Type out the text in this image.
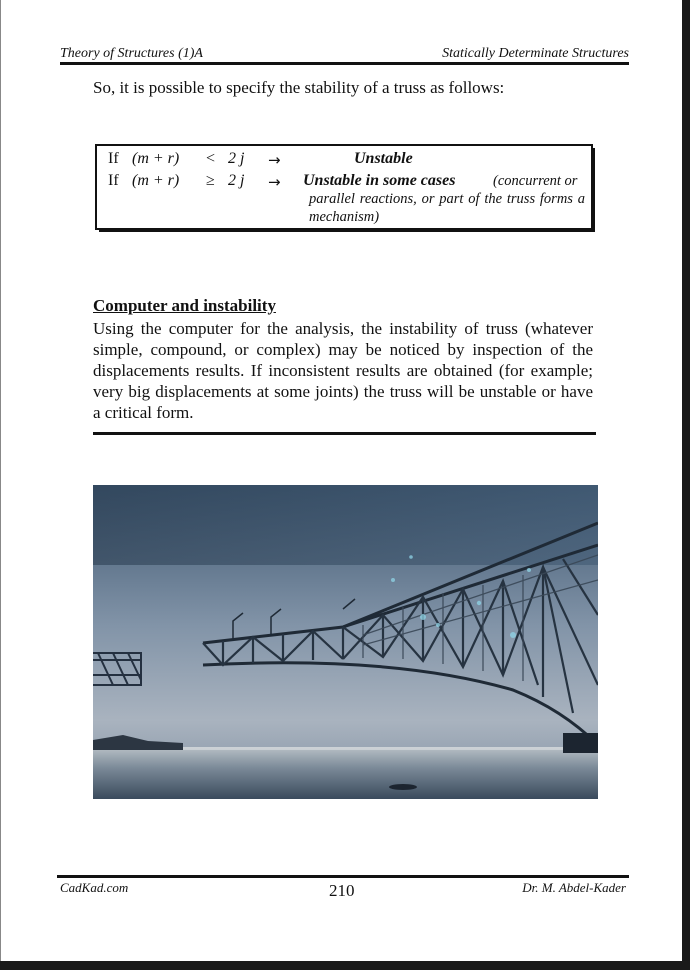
Theory of Structures (1)A	Statically Determinate Structures
So, it is possible to specify the stability of a truss as follows:
If (m + r) < 2 j →	Unstable
If (m + r) ≥ 2 j → Unstable in some cases	(concurrent or
parallel reactions, or part of the truss forms a mechanism)
Computer and instability
Using the computer for the analysis, the instability of truss (whatever simple, compound, or complex) may be noticed by inspection of the displacements results. If inconsistent results are obtained (for example; very big displacements at some joints) the truss will be unstable or have a critical form.
CadKad.com	210	Dr. M. Abdel-Kader
